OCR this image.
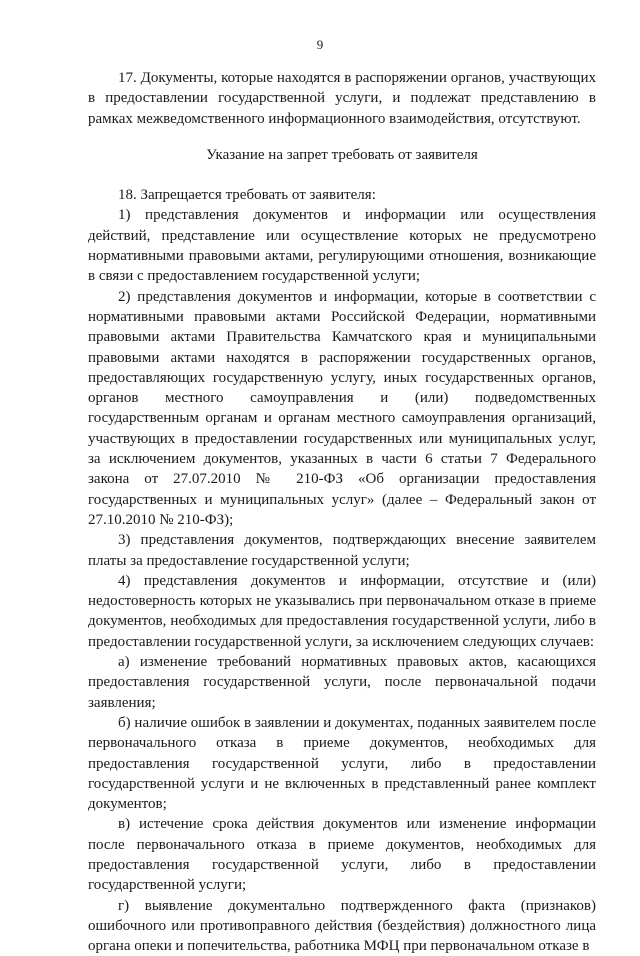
9

17. Документы, которые находятся в распоряжении органов, участвующих в предоставлении государственной услуги, и подлежат представлению в рамках межведомственного информационного взаимодействия, отсутствуют.

Указание на запрет требовать от заявителя

18. Запрещается требовать от заявителя:

1) представления документов и информации или осуществления действий, представление или осуществление которых не предусмотрено нормативными правовыми актами, регулирующими отношения, возникающие в связи с предоставлением государственной услуги;

2) представления документов и информации, которые в соответствии с нормативными правовыми актами Российской Федерации, нормативными правовыми актами Правительства Камчатского края и муниципальными правовыми актами находятся в распоряжении государственных органов, предоставляющих государственную услугу, иных государственных органов, органов местного самоуправления и (или) подведомственных государственным органам и органам местного самоуправления организаций, участвующих в предоставлении государственных или муниципальных услуг, за исключением документов, указанных в части 6 статьи 7 Федерального закона от 27.07.2010 № 210-ФЗ «Об организации предоставления государственных и муниципальных услуг» (далее – Федеральный закон от 27.10.2010 № 210-ФЗ);

3) представления документов, подтверждающих внесение заявителем платы за предоставление государственной услуги;

4) представления документов и информации, отсутствие и (или) недостоверность которых не указывались при первоначальном отказе в приеме документов, необходимых для предоставления государственной услуги, либо в предоставлении государственной услуги, за исключением следующих случаев:

а) изменение требований нормативных правовых актов, касающихся предоставления государственной услуги, после первоначальной подачи заявления;

б) наличие ошибок в заявлении и документах, поданных заявителем после первоначального отказа в приеме документов, необходимых для предоставления государственной услуги, либо в предоставлении государственной услуги и не включенных в представленный ранее комплект документов;

в) истечение срока действия документов или изменение информации после первоначального отказа в приеме документов, необходимых для предоставления государственной услуги, либо в предоставлении государственной услуги;

г) выявление документально подтвержденного факта (признаков) ошибочного или противоправного действия (бездействия) должностного лица органа опеки и попечительства, работника МФЦ при первоначальном отказе в
